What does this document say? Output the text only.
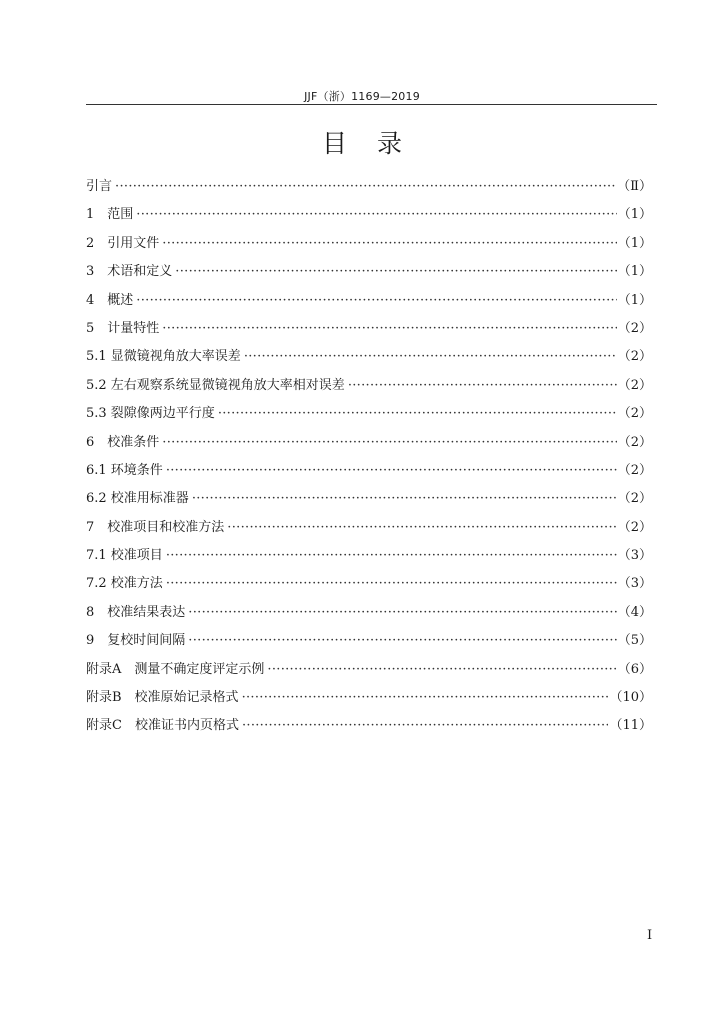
JJF（浙）1169—2019
目录
引言 ·····	（Ⅱ）
1　范围 ·····	（1）
2　引用文件 ·····	（1）
3　术语和定义 ·····	（1）
4　概述 ·····	（1）
5　计量特性 ·····	（2）
5.1 显微镜视角放大率误差 ·····	（2）
5.2 左右观察系统显微镜视角放大率相对误差 ·····	（2）
5.3 裂隙像两边平行度 ·····	（2）
6　校准条件 ·····	（2）
6.1 环境条件 ·····	（2）
6.2 校准用标准器 ·····	（2）
7　校准项目和校准方法 ·····	（2）
7.1 校准项目 ·····	（3）
7.2 校准方法 ·····	（3）
8　校准结果表达 ·····	（4）
9　复校时间间隔 ·····	（5）
附录A　测量不确定度评定示例 ·····	（6）
附录B　校准原始记录格式 ·····	（10）
附录C　校准证书内页格式 ·····	（11）
Ⅰ
